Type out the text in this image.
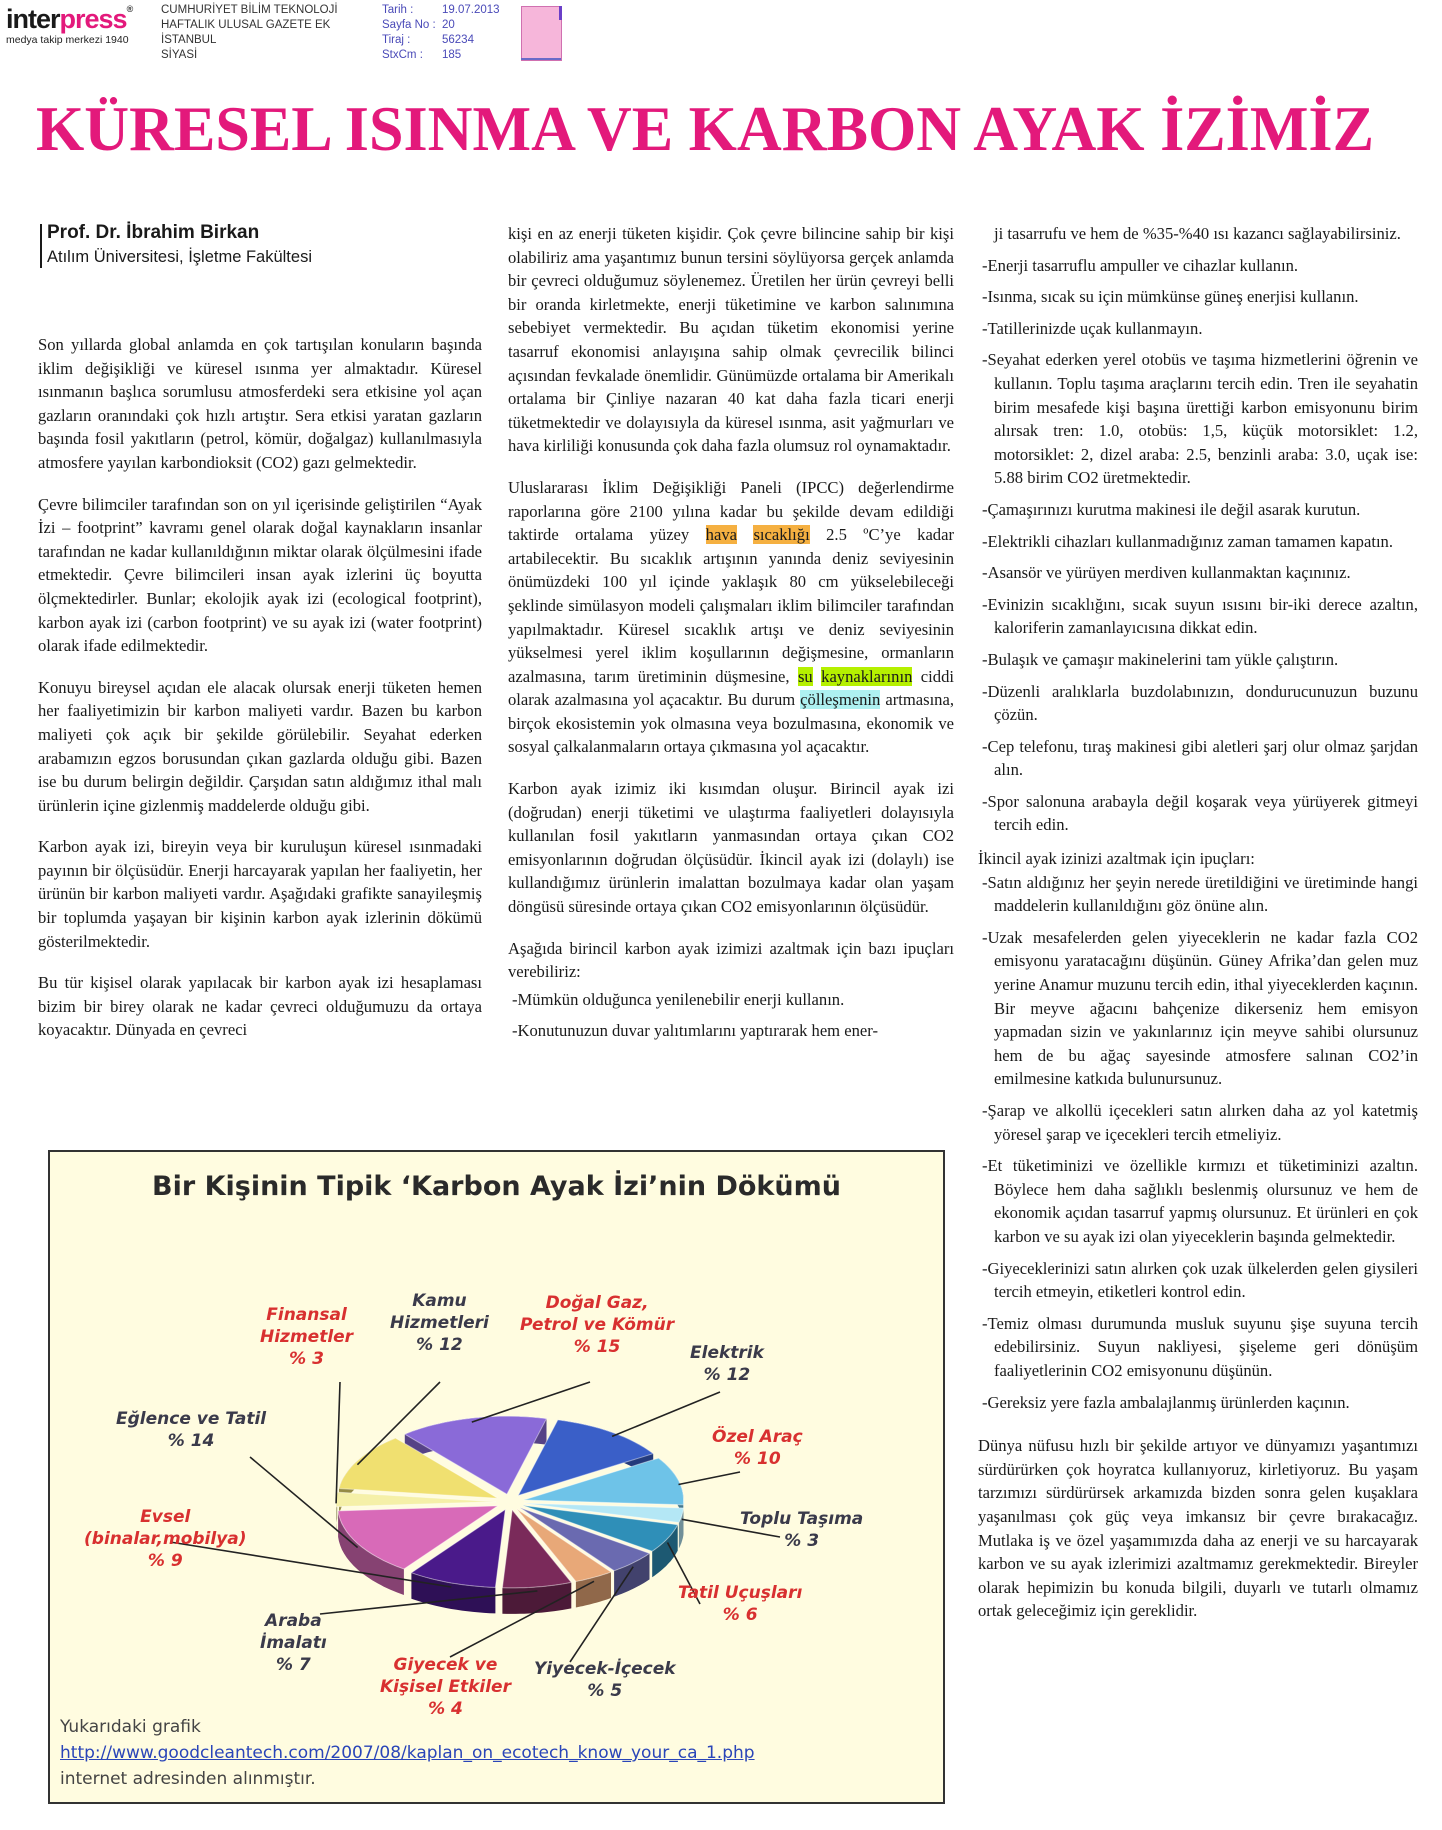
interpress®
medya takip merkezi 1940
CUMHURİYET BİLİM TEKNOLOJİ
HAFTALIK ULUSAL GAZETE EK
İSTANBUL
SİYASİ
Tarih :	19.07.2013
Sayfa No : 20
Tiraj :	56234
StxCm :	185
KÜRESEL ISINMA VE KARBON AYAK İZİMİZ
Prof. Dr. İbrahim Birkan
Atılım Üniversitesi, İşletme Fakültesi

Son yıllarda global anlamda en çok tartışılan konuların başında iklim değişikliği ve küresel ısınma yer almaktadır. Küresel ısınmanın başlıca sorumlusu atmosferdeki sera etkisine yol açan gazların oranındaki çok hızlı artıştır. Sera etkisi yaratan gazların başında fosil yakıtların (petrol, kömür, doğalgaz) kullanılmasıyla atmosfere yayılan karbondioksit (CO2) gazı gelmektedir.

Çevre bilimciler tarafından son on yıl içerisinde geliştirilen “Ayak İzi – footprint” kavramı genel olarak doğal kaynakların insanlar tarafından ne kadar kullanıldığının miktar olarak ölçülmesini ifade etmektedir. Çevre bilimcileri insan ayak izlerini üç boyutta ölçmektedirler. Bunlar; ekolojik ayak izi (ecological footprint), karbon ayak izi (carbon footprint) ve su ayak izi (water footprint) olarak ifade edilmektedir.

Konuyu bireysel açıdan ele alacak olursak enerji tüketen hemen her faaliyetimizin bir karbon maliyeti vardır. Bazen bu karbon maliyeti çok açık bir şekilde görülebilir. Seyahat ederken arabamızın egzos borusundan çıkan gazlarda olduğu gibi. Bazen ise bu durum belirgin değildir. Çarşıdan satın aldığımız ithal malı ürünlerin içine gizlenmiş maddelerde olduğu gibi.

Karbon ayak izi, bireyin veya bir kuruluşun küresel ısınmadaki payının bir ölçüsüdür. Enerji harcayarak yapılan her faaliyetin, her ürünün bir karbon maliyeti vardır. Aşağıdaki grafikte sanayileşmiş bir toplumda yaşayan bir kişinin karbon ayak izlerinin dökümü gösterilmektedir.

Bu tür kişisel olarak yapılacak bir karbon ayak izi hesaplaması bizim bir birey olarak ne kadar çevreci olduğumuzu da ortaya koyacaktır. Dünyada en çevreci

kişi en az enerji tüketen kişidir. Çok çevre bilincine sahip bir kişi olabiliriz ama yaşantımız bunun tersini söylüyorsa gerçek anlamda bir çevreci olduğumuz söylenemez. Üretilen her ürün çevreyi belli bir oranda kirletmekte, enerji tüketimine ve karbon salınımına sebebiyet vermektedir. Bu açıdan tüketim ekonomisi yerine tasarruf ekonomisi anlayışına sahip olmak çevrecilik bilinci açısından fevkalade önemlidir. Günümüzde ortalama bir Amerikalı ortalama bir Çinliye nazaran 40 kat daha fazla ticari enerji tüketmektedir ve dolayısıyla da küresel ısınma, asit yağmurları ve hava kirliliği konusunda çok daha fazla olumsuz rol oynamaktadır.

Uluslararası İklim Değişikliği Paneli (IPCC) değerlendirme raporlarına göre 2100 yılına kadar bu şekilde devam edildiği taktirde ortalama yüzey hava sıcaklığı 2.5 ºC’ye kadar artabilecektir. Bu sıcaklık artışının yanında deniz seviyesinin önümüzdeki 100 yıl içinde yaklaşık 80 cm yükselebileceği şeklinde simülasyon modeli çalışmaları iklim bilimciler tarafından yapılmaktadır. Küresel sıcaklık artışı ve deniz seviyesinin yükselmesi yerel iklim koşullarının değişmesine, ormanların azalmasına, tarım üretiminin düşmesine, su kaynaklarının ciddi olarak azalmasına yol açacaktır. Bu durum çölleşmenin artmasına, birçok ekosistemin yok olmasına veya bozulmasına, ekonomik ve sosyal çalkalanmaların ortaya çıkmasına yol açacaktır.

Karbon ayak izimiz iki kısımdan oluşur. Birincil ayak izi (doğrudan) enerji tüketimi ve ulaştırma faaliyetleri dolayısıyla kullanılan fosil yakıtların yanmasından ortaya çıkan CO2 emisyonlarının doğrudan ölçüsüdür. İkincil ayak izi (dolaylı) ise kullandığımız ürünlerin imalattan bozulmaya kadar olan yaşam döngüsü süresinde ortaya çıkan CO2 emisyonlarının ölçüsüdür.

Aşağıda birincil karbon ayak izimizi azaltmak için bazı ipuçları verebiliriz:

-Mümkün olduğunca yenilenebilir enerji kullanın.
-Konutunuzun duvar yalıtımlarını yaptırarak hem ener-
ji tasarrufu ve hem de %35-%40 ısı kazancı sağlayabilirsiniz.
-Enerji tasarruflu ampuller ve cihazlar kullanın.
-Isınma, sıcak su için mümkünse güneş enerjisi kullanın.
-Tatillerinizde uçak kullanmayın.
-Seyahat ederken yerel otobüs ve taşıma hizmetlerini öğrenin ve kullanın. Toplu taşıma araçlarını tercih edin. Tren ile seyahatin birim mesafede kişi başına ürettiği karbon emisyonunu birim alırsak tren: 1.0, otobüs: 1,5, küçük motorsiklet: 1.2, motorsiklet: 2, dizel araba: 2.5, benzinli araba: 3.0, uçak ise: 5.88 birim CO2 üretmektedir.
-Çamaşırınızı kurutma makinesi ile değil asarak kurutun.
-Elektrikli cihazları kullanmadığınız zaman tamamen kapatın.
-Asansör ve yürüyen merdiven kullanmaktan kaçınınız.
-Evinizin sıcaklığını, sıcak suyun ısısını bir-iki derece azaltın, kaloriferin zamanlayıcısına dikkat edin.
-Bulaşık ve çamaşır makinelerini tam yükle çalıştırın.
-Düzenli aralıklarla buzdolabınızın, dondurucunuzun buzunu çözün.
-Cep telefonu, tıraş makinesi gibi aletleri şarj olur olmaz şarjdan alın.
-Spor salonuna arabayla değil koşarak veya yürüyerek gitmeyi tercih edin.

İkincil ayak izinizi azaltmak için ipuçları:

-Satın aldığınız her şeyin nerede üretildiğini ve üretiminde hangi maddelerin kullanıldığını göz önüne alın.
-Uzak mesafelerden gelen yiyeceklerin ne kadar fazla CO2 emisyonu yaratacağını düşünün. Güney Afrika’dan gelen muz yerine Anamur muzunu tercih edin, ithal yiyeceklerden kaçının. Bir meyve ağacını bahçenize dikerseniz hem emisyon yapmadan sizin ve yakınlarınız için meyve sahibi olursunuz hem de bu ağaç sayesinde atmosfere salınan CO2’in emilmesine katkıda bulunursunuz.
-Şarap ve alkollü içecekleri satın alırken daha az yol katetmiş yöresel şarap ve içecekleri tercih etmeliyiz.
-Et tüketiminizi ve özellikle kırmızı et tüketiminizi azaltın. Böylece hem daha sağlıklı beslenmiş olursunuz ve hem de ekonomik açıdan tasarruf yapmış olursunuz. Et ürünleri en çok karbon ve su ayak izi olan yiyeceklerin başında gelmektedir.
-Giyeceklerinizi satın alırken çok uzak ülkelerden gelen giysileri tercih etmeyin, etiketleri kontrol edin.
-Temiz olması durumunda musluk suyunu şişe suyuna tercih edebilirsiniz. Suyun nakliyesi, şişeleme geri dönüşüm faaliyetlerinin CO2 emisyonunu düşünün.
-Gereksiz yere fazla ambalajlanmış ürünlerden kaçının.

Dünya nüfusu hızlı bir şekilde artıyor ve dünyamızı yaşantımızı sürdürürken çok hoyratca kullanıyoruz, kirletiyoruz. Bu yaşam tarzımızı sürdürürsek arkamızda bizden sonra gelen kuşaklara yaşanılması çok güç veya imkansız bir çevre bırakacağız. Mutlaka iş ve özel yaşamımızda daha az enerji ve su harcayarak karbon ve su ayak izlerimizi azaltmamız gerekmektedir. Bireyler olarak hepimizin bu konuda bilgili, duyarlı ve tutarlı olmamız ortak geleceğimiz için gereklidir.

Bir Kişinin Tipik ‘Karbon Ayak İzi’nin Dökümü
Finansal
Hizmetler
% 3
Kamu
Hizmetleri
% 12
Doğal Gaz,
Petrol ve Kömür
% 15	Elektrik
% 12
Eğlence ve Tatil
% 14	Özel Araç
% 10
Evsel
(binalar,mobilya)
% 9
Toplu Taşıma
% 3
Tatil Uçuşları
% 6
Araba
İmalatı
% 7	Giyecek ve
Kişisel Etkiler
% 4
Yiyecek-İçecek
% 5
Yukarıdaki grafik
http://www.goodcleantech.com/2007/08/kaplan_on_ecotech_know_your_ca_1.php
internet adresinden alınmıştır.
